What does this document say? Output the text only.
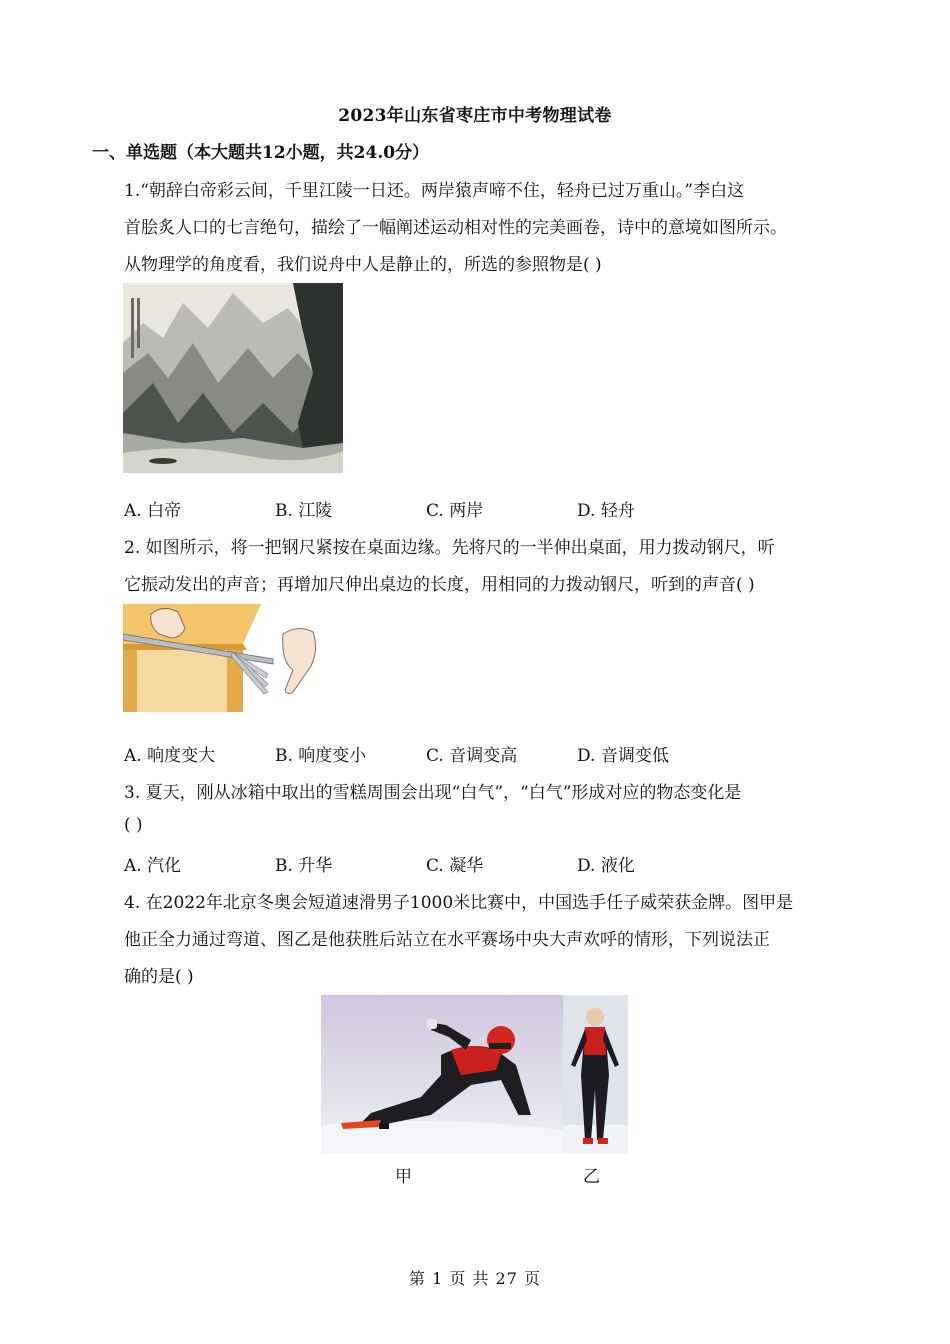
2023年山东省枣庄市中考物理试卷
一、单选题（本大题共12小题，共24.0分）
1.“朝辞白帝彩云间，千里江陵一日还。两岸猿声啼不住，轻舟已过万重山。”李白这
首脍炙人口的七言绝句，描绘了一幅阐述运动相对性的完美画卷，诗中的意境如图所示。
从物理学的角度看，我们说舟中人是静止的，所选的参照物是( )
A. 白帝	B. 江陵	C. 两岸	D. 轻舟
2. 如图所示，将一把钢尺紧按在桌面边缘。先将尺的一半伸出桌面，用力拨动钢尺，听
它振动发出的声音；再增加尺伸出桌边的长度，用相同的力拨动钢尺，听到的声音( )
A. 响度变大	B. 响度变小	C. 音调变高	D. 音调变低
3. 夏天，刚从冰箱中取出的雪糕周围会出现“白气”，“白气”形成对应的物态变化是
( )
A. 汽化	B. 升华	C. 凝华	D. 液化
4. 在2022年北京冬奥会短道速滑男子1000米比赛中，中国选手任子威荣获金牌。图甲是
他正全力通过弯道、图乙是他获胜后站立在水平赛场中央大声欢呼的情形，下列说法正
确的是( )
甲	乙
第 1 页 共 27 页
